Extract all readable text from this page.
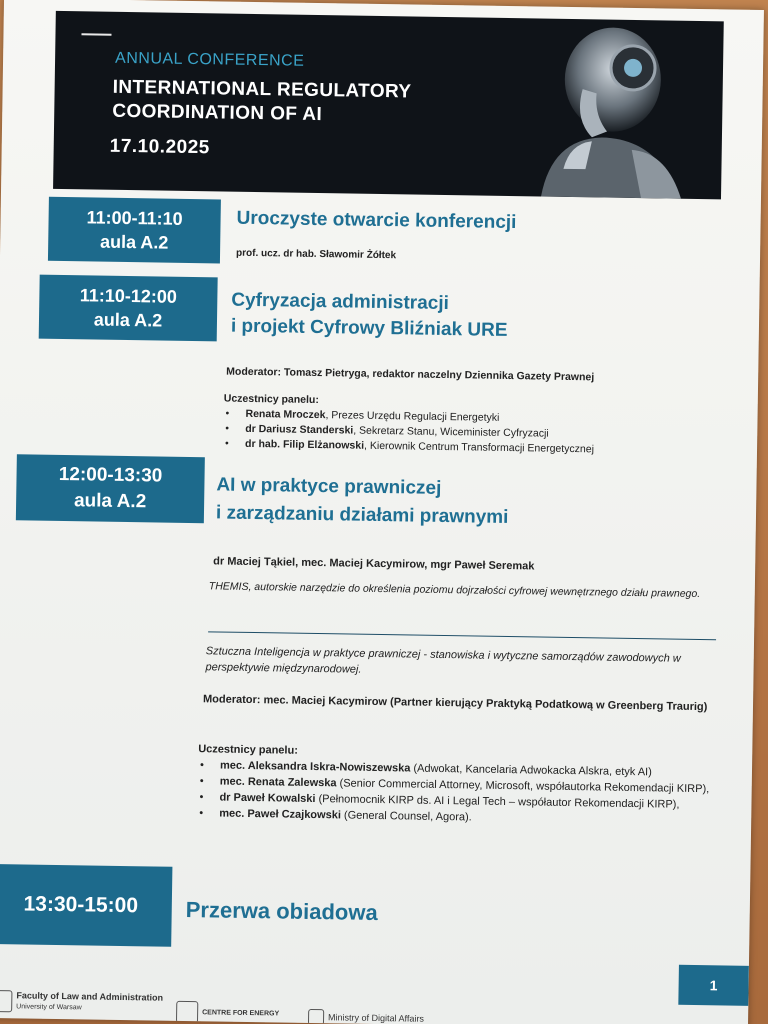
ANNUAL CONFERENCE
INTERNATIONAL REGULATORY COORDINATION OF AI
17.10.2025
11:00-11:10
aula A.2
Uroczyste otwarcie konferencji
prof. ucz. dr hab. Sławomir Żółtek
11:10-12:00
aula A.2
Cyfryzacja administracji
i projekt Cyfrowy Bliźniak URE
Moderator: Tomasz Pietryga, redaktor naczelny Dziennika Gazety Prawnej
Uczestnicy panelu:
• Renata Mroczek, Prezes Urzędu Regulacji Energetyki
• dr Dariusz Standerski, Sekretarz Stanu, Wiceminister Cyfryzacji
• dr hab. Filip Elżanowski, Kierownik Centrum Transformacji Energetycznej
12:00-13:30
aula A.2
AI w praktyce prawniczej
i zarządzaniu działami prawnymi
dr Maciej Tąkiel, mec. Maciej Kacymirow, mgr Paweł Seremak
THEMIS, autorskie narzędzie do określenia poziomu dojrzałości cyfrowej wewnętrznego działu prawnego.
Sztuczna Inteligencja w praktyce prawniczej - stanowiska i wytyczne samorządów zawodowych w perspektywie międzynarodowej.
Moderator: mec. Maciej Kacymirow (Partner kierujący Praktyką Podatkową w Greenberg Traurig)
Uczestnicy panelu:
• mec. Aleksandra Iskra-Nowiszewska (Adwokat, Kancelaria Adwokacka Alskra, etyk AI)
• mec. Renata Zalewska (Senior Commercial Attorney, Microsoft, współautorka Rekomendacji KIRP),
• dr Paweł Kowalski (Pełnomocnik KIRP ds. AI i Legal Tech – współautor Rekomendacji KIRP),
• mec. Paweł Czajkowski (General Counsel, Agora).
13:30-15:00	Przerwa obiadowa
1
Faculty of Law and Administration
University of Warsaw
CENTRE FOR ENERGY	Ministry of Digital Affairs
